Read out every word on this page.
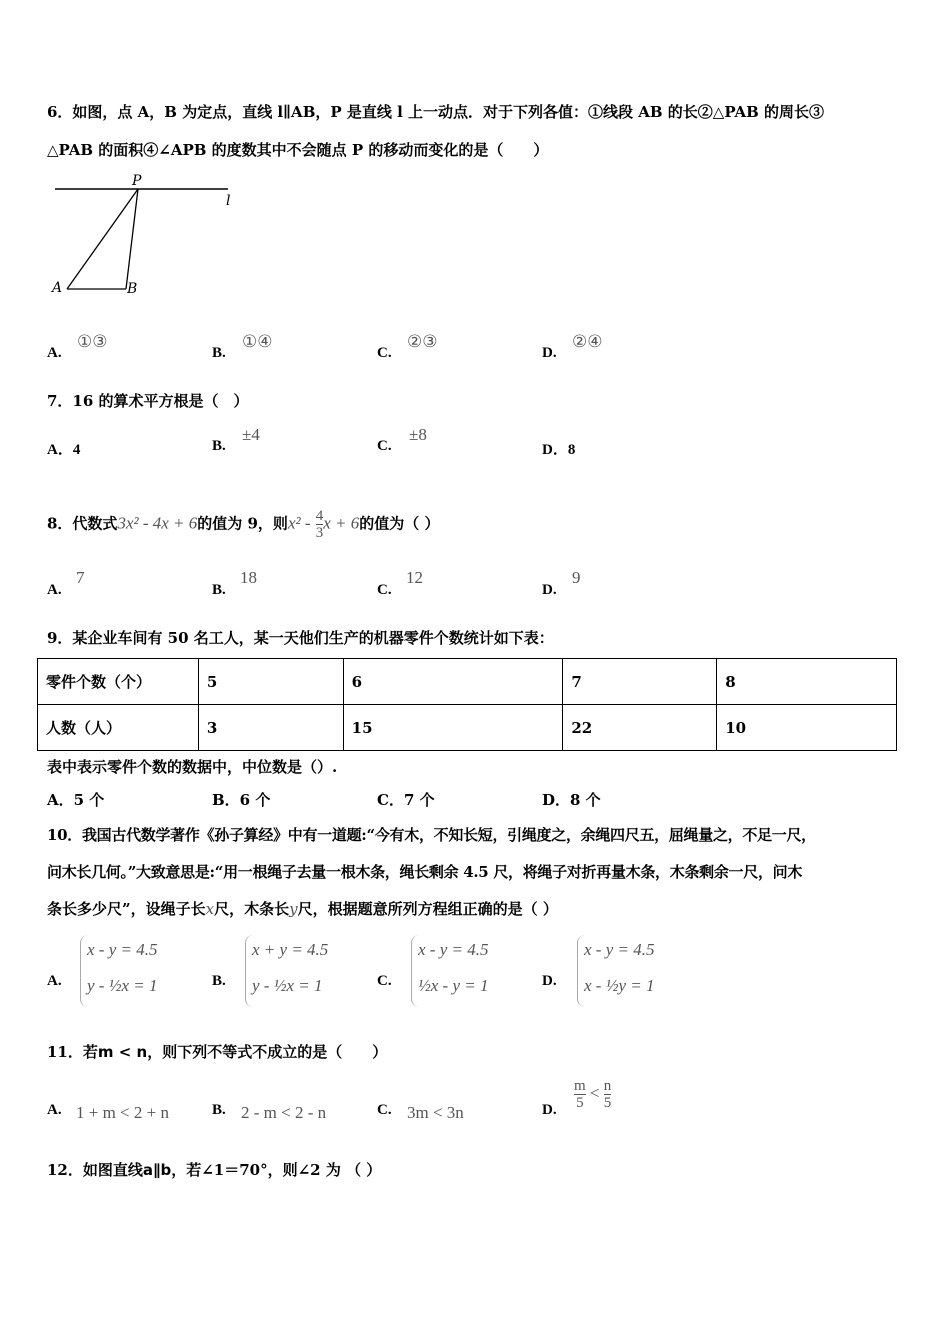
6．如图，点 A，B 为定点，直线 l∥AB，P 是直线 l 上一动点．对于下列各值：①线段 AB 的长②△PAB 的周长③
△PAB 的面积④∠APB 的度数其中不会随点 P 的移动而变化的是（　　）
P
l
A	B
A.
①③
B.
①④
C.
②③
D.
②④
7．16 的算术平方根是（　）
A．4	B.
±4
C.
±8
D．8
8．代数式3x² - 4x + 6的值为 9，则$x^2 - \frac{4}{3}$ x + 6的值为（ ）
A.
7
B.
18
C.
12
D.
9
9．某企业车间有 50 名工人，某一天他们生产的机器零件个数统计如下表：
零件个数（个）	5	6	7	8
人数（人）	3	15	22	10
表中表示零件个数的数据中，中位数是（）.
A．5 个	B．6 个	C．7 个	D．8 个
10．我国古代数学著作《孙子算经》中有一道题:“今有木，不知长短，引绳度之，余绳四尺五，屈绳量之，不足一尺，
问木长几何。”大致意思是:“用一根绳子去量一根木条，绳长剩余 4.5 尺，将绳子对折再量木条，木条剩余一尺，问木
条长多少尺”，设绳子长x尺，木条长y尺，根据题意所列方程组正确的是（ ）
A.
x - y = 4.5
y - ½x = 1	B.
x + y = 4.5
y - ½x = 1	C.
x - y = 4.5
½x - y = 1	D.
x - y = 4.5
x - ½y = 1
11．若m < n，则下列不等式不成立的是（　　）
A. 1 + m < 2 + n	B. 2 - m < 2 - n	C. 3m < 3n	D. $\frac{m}{5} < \frac{n}{5}$
12．如图直线a∥b，若∠1＝70°，则∠2 为 （ ）
